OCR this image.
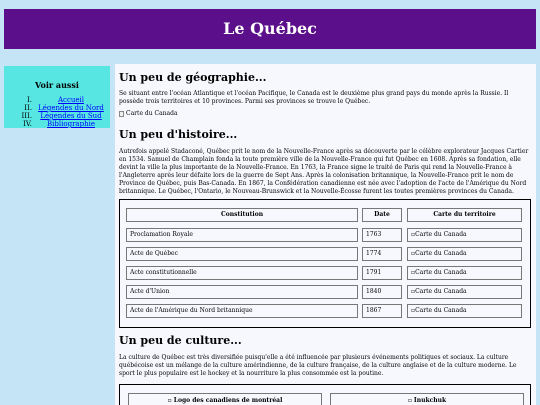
Le Québec
Voir aussi
I.	Accueil
II. Légendes du Nord
III.	Légendes du Sud
IV.	Bibliographie
Un peu de géographie...

Se situant entre l'océan Atlantique et l'océan Pacifique, le Canada est le deuxième plus grand pays du monde après la Russie. Il possède trois territoires et 10 provinces. Parmi ses provinces se trouve le Québec.

Carte du Canada
Un peu d'histoire...

Autrefois appelé Stadaconé, Québec prit le nom de la Nouvelle-France après sa découverte par le célèbre explorateur Jacques Cartier en 1534. Samuel de Champlain fonda la toute première ville de la Nouvelle-France qui fut Québec en 1608. Après sa fondation, elle devint la ville la plus importante de la Nouvelle-France. En 1763, la France signe le traité de Paris qui rend la Nouvelle-France à l'Angleterre après leur défaite lors de la guerre de Sept Ans. Après la colonisation britannique, la Nouvelle-France prit le nom de Province de Québec, puis Bas-Canada. En 1867, la Confédération canadienne est née avec l'adoption de l'acte de l'Amérique du Nord britannique. Le Québec, l'Ontario, le Nouveau-Brunswick et la Nouvelle-Écosse furent les toutes premières provinces du Canada.

Constitution	Date	Carte du territoire
Proclamation Royale	1763	▫Carte du Canada
Acte de Québec	1774	▫Carte du Canada
Acte constitutionnelle	1791	▫Carte du Canada
Acte d'Union	1840	▫Carte du Canada
Acte de l'Amérique du Nord britannique	1867	▫Carte du Canada
Un peu de culture...

La culture de Québec est très diversifiée puisqu'elle a été influencée par plusieurs événements politiques et sociaux. La culture québécoise est un mélange de la culture amérindienne, de la culture française, de la culture anglaise et de la culture moderne. Le sport le plus populaire est le hockey et la nourriture la plus consommée est la poutine.

▫ Logo des canadiens de montréal	▫ Inukchuk
